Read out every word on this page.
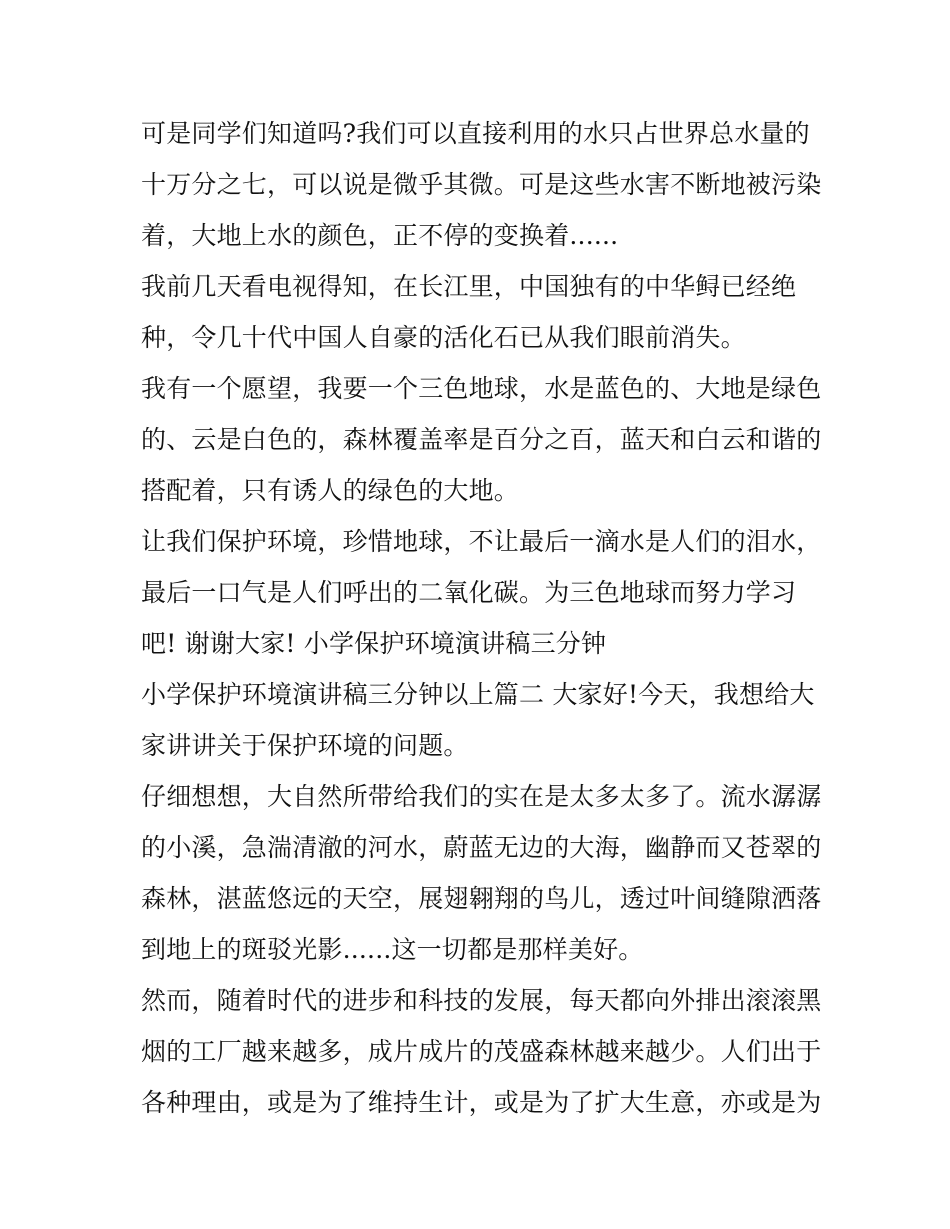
可是同学们知道吗?我们可以直接利用的水只占世界总水量的
十万分之七，可以说是微乎其微。可是这些水害不断地被污染
着，大地上水的颜色，正不停的变换着......
我前几天看电视得知，在长江里，中国独有的中华鲟已经绝
种，令几十代中国人自豪的活化石已从我们眼前消失。
我有一个愿望，我要一个三色地球，水是蓝色的、大地是绿色
的、云是白色的，森林覆盖率是百分之百，蓝天和白云和谐的
搭配着，只有诱人的绿色的大地。
让我们保护环境，珍惜地球，不让最后一滴水是人们的泪水，
最后一口气是人们呼出的二氧化碳。为三色地球而努力学习
吧! 谢谢大家! 小学保护环境演讲稿三分钟
小学保护环境演讲稿三分钟以上篇二 大家好!今天，我想给大
家讲讲关于保护环境的问题。
仔细想想，大自然所带给我们的实在是太多太多了。流水潺潺
的小溪，急湍清澈的河水，蔚蓝无边的大海，幽静而又苍翠的
森林，湛蓝悠远的天空，展翅翱翔的鸟儿，透过叶间缝隙洒落
到地上的斑驳光影......这一切都是那样美好。
然而，随着时代的进步和科技的发展，每天都向外排出滚滚黑
烟的工厂越来越多，成片成片的茂盛森林越来越少。人们出于
各种理由，或是为了维持生计，或是为了扩大生意，亦或是为
